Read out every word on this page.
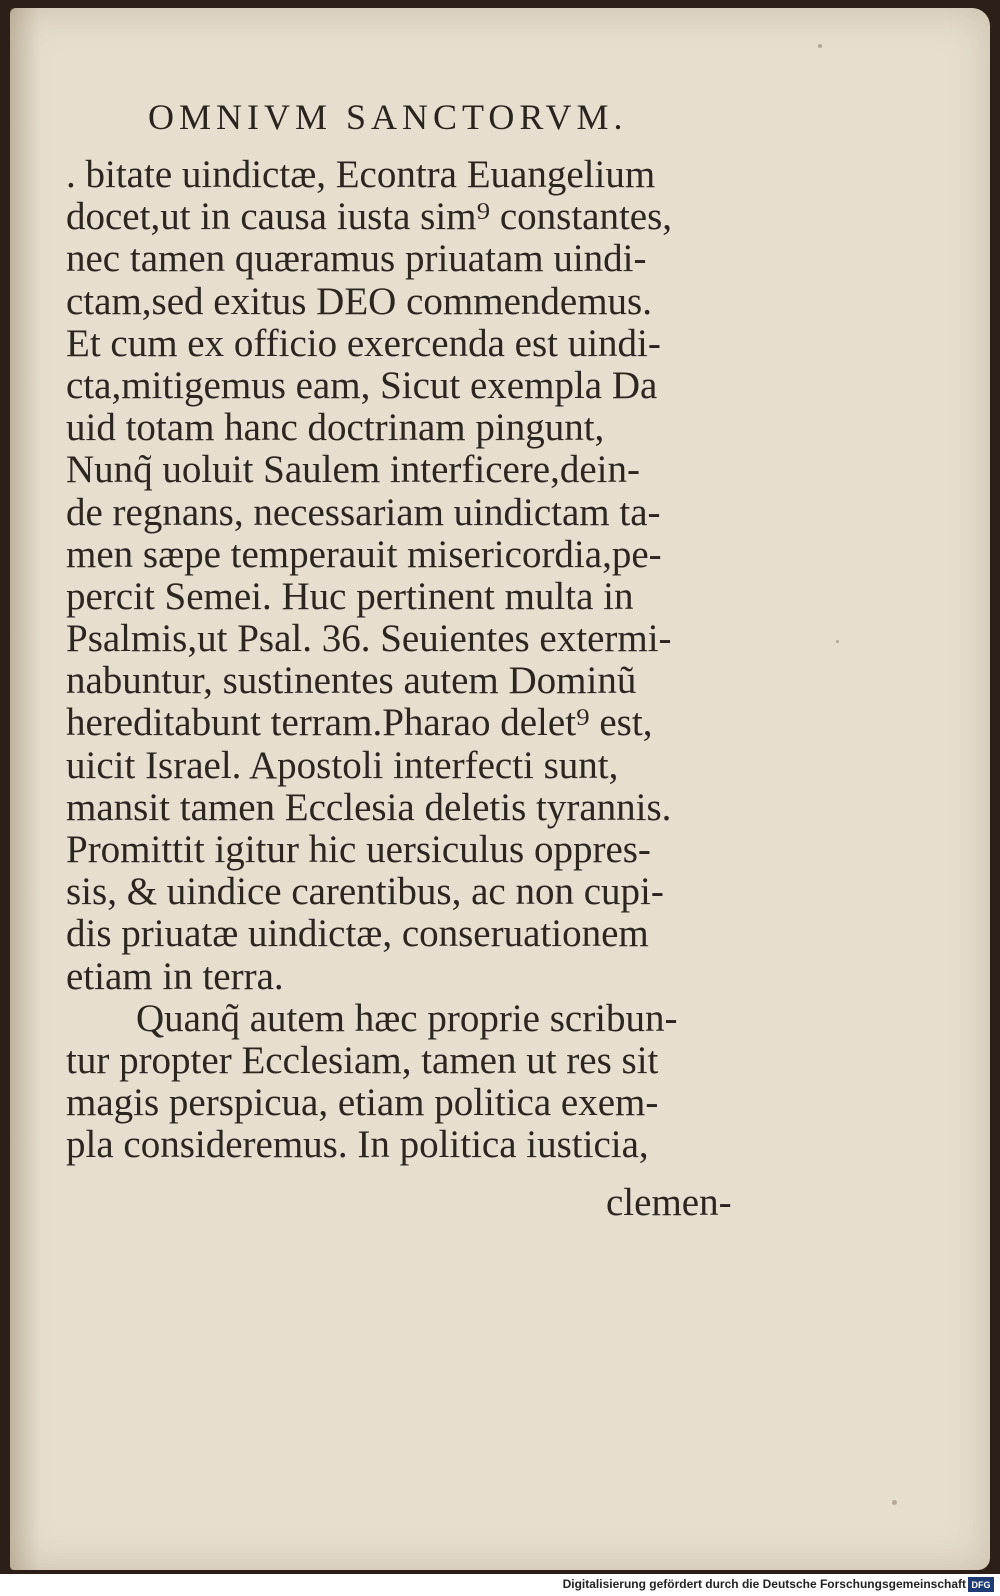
OMNIVM SANCTORVM.
. bitate uindictæ, Econtra Euangelium
docet,ut in causa iusta sim⁹ constantes,
nec tamen quæramus priuatam uindi-
ctam,sed exitus DEO commendemus.
Et cum ex officio exercenda est uindi-
cta,mitigemus eam, Sicut exempla Da
uid totam hanc doctrinam pingunt,
Nunq̃ uoluit Saulem interficere,dein-
de regnans, necessariam uindictam ta-
men sæpe temperauit misericordia,pe-
percit Semei. Huc pertinent multa in
Psalmis,ut Psal. 36. Seuientes extermi-
nabuntur, sustinentes autem Dominũ
hereditabunt terram.Pharao delet⁹ est,
uicit Israel. Apostoli interfecti sunt,
mansit tamen Ecclesia deletis tyrannis.
Promittit igitur hic uersiculus oppres-
sis, & uindice carentibus, ac non cupi-
dis priuatæ uindictæ, conseruationem
etiam in terra.
Quanq̃ autem hæc proprie scribun-
tur propter Ecclesiam, tamen ut res sit
magis perspicua, etiam politica exem-
pla consideremus. In politica iusticia,
clemen-
Digitalisierung gefördert durch die Deutsche Forschungsgemeinschaft DFG
